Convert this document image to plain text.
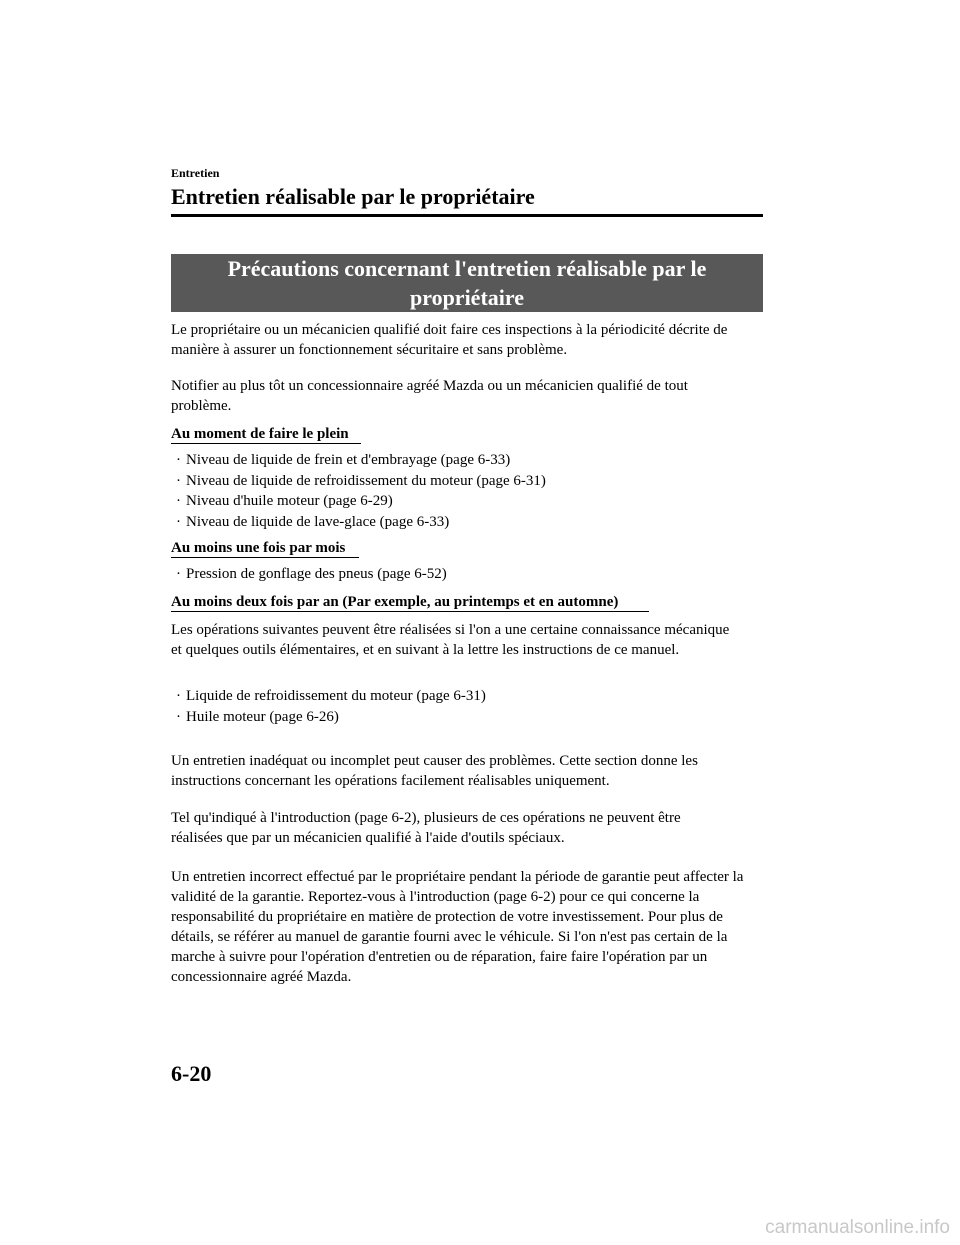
Entretien
Entretien réalisable par le propriétaire
Précautions concernant l'entretien réalisable par le propriétaire

Le propriétaire ou un mécanicien qualifié doit faire ces inspections à la périodicité décrite de manière à assurer un fonctionnement sécuritaire et sans problème.

Notifier au plus tôt un concessionnaire agréé Mazda ou un mécanicien qualifié de tout problème.

Au moment de faire le plein
· Niveau de liquide de frein et d'embrayage (page 6-33)
· Niveau de liquide de refroidissement du moteur (page 6-31)
· Niveau d'huile moteur (page 6-29)
· Niveau de liquide de lave-glace (page 6-33)
Au moins une fois par mois
· Pression de gonflage des pneus (page 6-52)
Au moins deux fois par an (Par exemple, au printemps et en automne)

Les opérations suivantes peuvent être réalisées si l'on a une certaine connaissance mécanique et quelques outils élémentaires, et en suivant à la lettre les instructions de ce manuel.

· Liquide de refroidissement du moteur (page 6-31)
· Huile moteur (page 6-26)

Un entretien inadéquat ou incomplet peut causer des problèmes. Cette section donne les instructions concernant les opérations facilement réalisables uniquement.

Tel qu'indiqué à l'introduction (page 6-2), plusieurs de ces opérations ne peuvent être réalisées que par un mécanicien qualifié à l'aide d'outils spéciaux.

Un entretien incorrect effectué par le propriétaire pendant la période de garantie peut affecter la validité de la garantie. Reportez-vous à l'introduction (page 6-2) pour ce qui concerne la responsabilité du propriétaire en matière de protection de votre investissement. Pour plus de détails, se référer au manuel de garantie fourni avec le véhicule. Si l'on n'est pas certain de la marche à suivre pour l'opération d'entretien ou de réparation, faire faire l'opération par un concessionnaire agréé Mazda.

6-20
carmanualsonline.info
